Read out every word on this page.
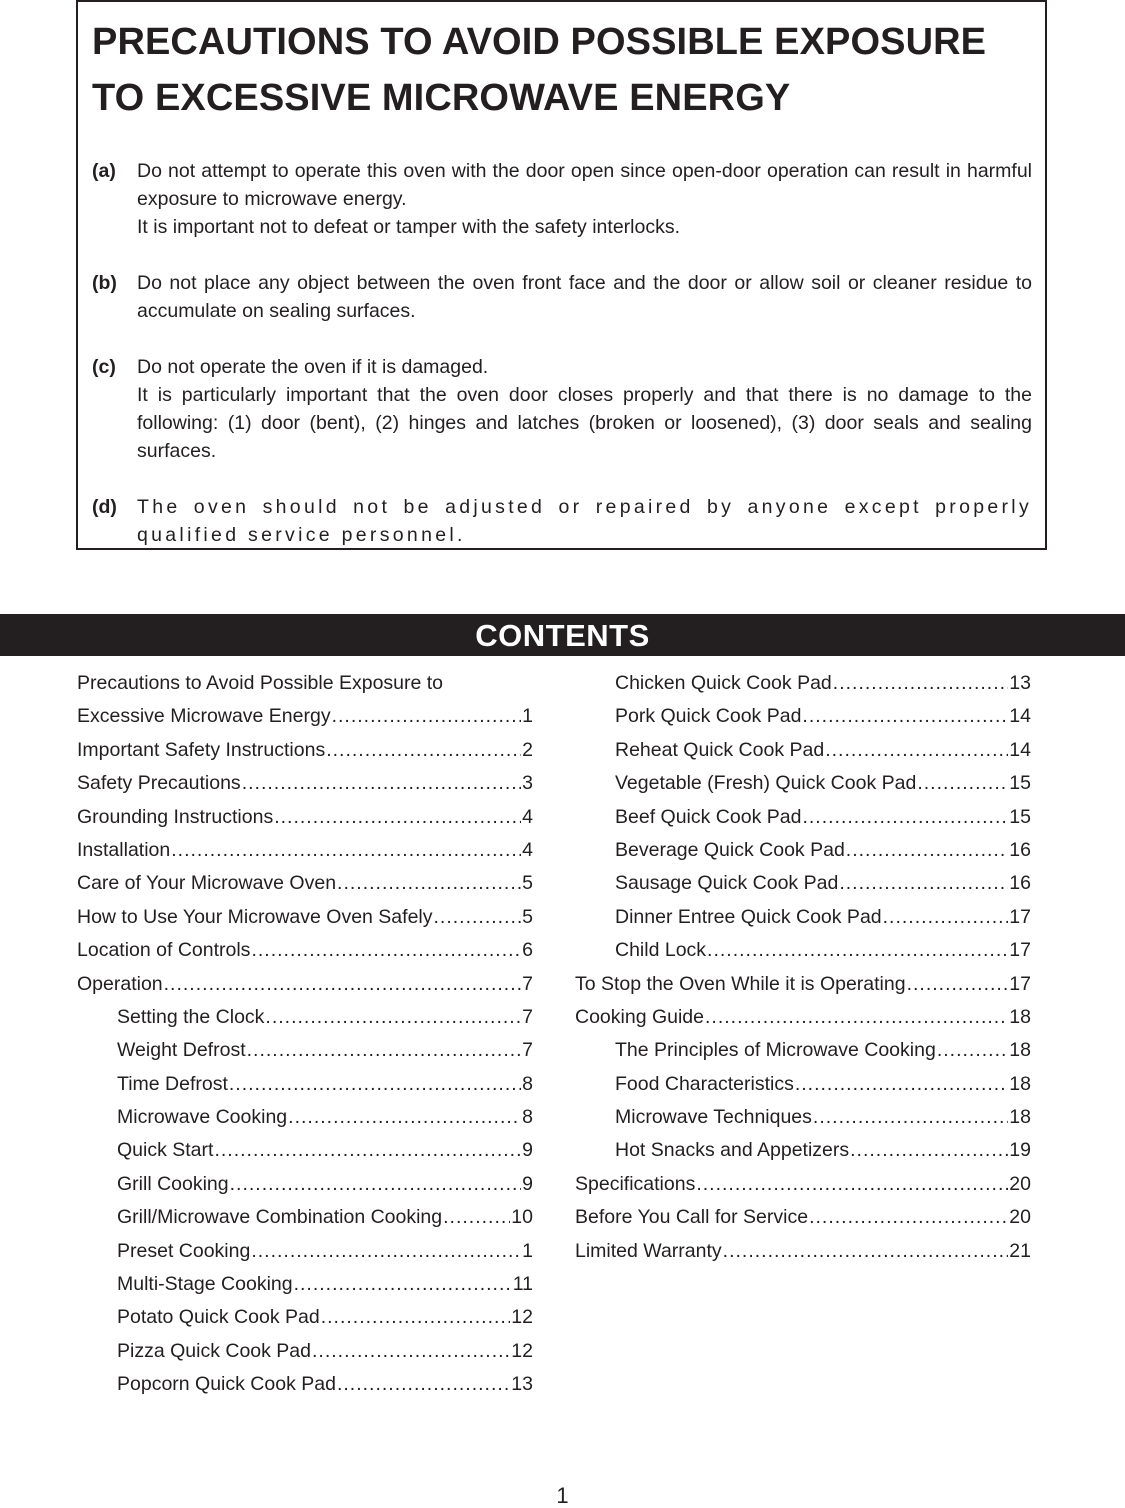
PRECAUTIONS TO AVOID POSSIBLE EXPOSURE
TO EXCESSIVE MICROWAVE ENERGY
(a)	Do not attempt to operate this oven with the door open since open-door operation can result in harmful exposure to microwave energy.

It is important not to defeat or tamper with the safety interlocks.

(b)	Do not place any object between the oven front face and the door or allow soil or cleaner residue to accumulate on sealing surfaces.

(c)	Do not operate the oven if it is damaged.

It is particularly important that the oven door closes properly and that there is no damage to the following: (1) door (bent), (2) hinges and latches (broken or loosened), (3) door seals and sealing surfaces.

(d)	The oven should not be adjusted or repaired by anyone except properly qualified service personnel.

CONTENTS
Precautions to Avoid Possible Exposure to
Excessive Microwave Energy .....	1
Important Safety Instructions .....	2
Safety Precautions .....	3
Grounding Instructions .....	4
Installation .....	4
Care of Your Microwave Oven .....	5
How to Use Your Microwave Oven Safely .....	5
Location of Controls .....	6
Operation .....	7
Setting the Clock .....	7
Weight Defrost .....	7
Time Defrost .....	8
Microwave Cooking .....	8
Quick Start .....	9
Grill Cooking .....	9
Grill/Microwave Combination Cooking .....	10
Preset Cooking .....	1
Multi-Stage Cooking .....	11
Potato Quick Cook Pad .....	12
Pizza Quick Cook Pad .....	12
Popcorn Quick Cook Pad .....	13
Chicken Quick Cook Pad .....	13
Pork Quick Cook Pad .....	14
Reheat Quick Cook Pad .....	14
Vegetable (Fresh) Quick Cook Pad .....	15
Beef Quick Cook Pad .....	15
Beverage Quick Cook Pad .....	16
Sausage Quick Cook Pad .....	16
Dinner Entree Quick Cook Pad .....	17
Child Lock .....	17
To Stop the Oven While it is Operating .....	17
Cooking Guide .....	18
The Principles of Microwave Cooking .....	18
Food Characteristics .....	18
Microwave Techniques .....	18
Hot Snacks and Appetizers .....	19
Specifications .....	20
Before You Call for Service .....	20
Limited Warranty .....	21
1
